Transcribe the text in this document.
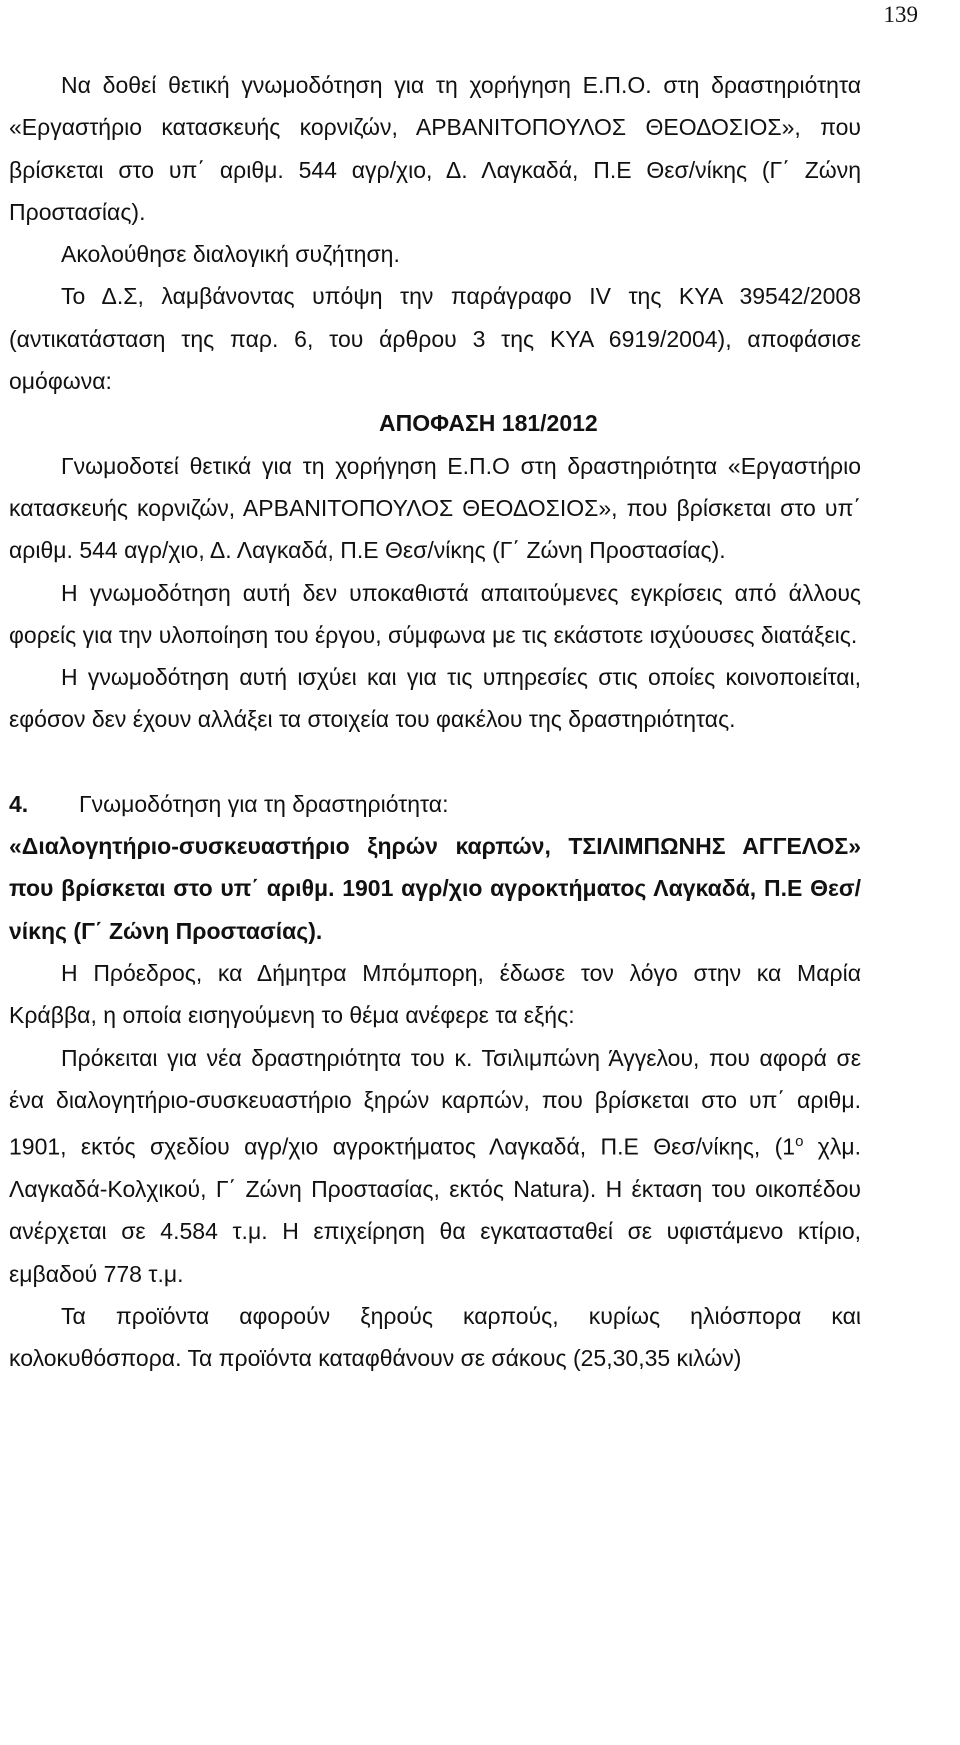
139

Να δοθεί θετική γνωμοδότηση για τη χορήγηση Ε.Π.Ο. στη δραστηριότητα «Εργαστήριο κατασκευής κορνιζών, ΑΡΒΑΝΙΤΟΠΟΥΛΟΣ ΘΕΟΔΟΣΙΟΣ», που βρίσκεται στο υπ΄ αριθμ. 544 αγρ/χιο, Δ. Λαγκαδά, Π.Ε Θεσ/νίκης (Γ΄ Ζώνη Προστασίας).

Ακολούθησε διαλογική συζήτηση.

Το Δ.Σ, λαμβάνοντας υπόψη την παράγραφο IV της ΚΥΑ 39542/2008 (αντικατάσταση της παρ. 6, του άρθρου 3 της ΚΥΑ 6919/2004), αποφάσισε ομόφωνα:

ΑΠΟΦΑΣΗ 181/2012

Γνωμοδοτεί θετικά για τη χορήγηση Ε.Π.Ο στη δραστηριότητα «Εργαστήριο κατασκευής κορνιζών, ΑΡΒΑΝΙΤΟΠΟΥΛΟΣ ΘΕΟΔΟΣΙΟΣ», που βρίσκεται στο υπ΄ αριθμ. 544 αγρ/χιο, Δ. Λαγκαδά, Π.Ε Θεσ/νίκης (Γ΄ Ζώνη Προστασίας).

Η γνωμοδότηση αυτή δεν υποκαθιστά απαιτούμενες εγκρίσεις από άλλους φορείς για την υλοποίηση του έργου, σύμφωνα με τις εκάστοτε ισχύουσες διατάξεις.

Η γνωμοδότηση αυτή ισχύει και για τις υπηρεσίες στις οποίες κοινοποιείται, εφόσον δεν έχουν αλλάξει τα στοιχεία του φακέλου της δραστηριότητας.

4. Γνωμοδότηση για τη δραστηριότητα:

«Διαλογητήριο-συσκευαστήριο ξηρών καρπών, ΤΣΙΛΙΜΠΩΝΗΣ ΑΓΓΕΛΟΣ» που βρίσκεται στο υπ΄ αριθμ. 1901 αγρ/χιο αγροκτήματος Λαγκαδά, Π.Ε Θεσ/νίκης (Γ΄ Ζώνη Προστασίας).

Η Πρόεδρος, κα Δήμητρα Μπόμπορη, έδωσε τον λόγο στην κα Μαρία Κράββα, η οποία εισηγούμενη το θέμα ανέφερε τα εξής:

Πρόκειται για νέα δραστηριότητα του κ. Τσιλιμπώνη Άγγελου, που αφορά σε ένα διαλογητήριο-συσκευαστήριο ξηρών καρπών, που βρίσκεται στο υπ΄ αριθμ. 1901, εκτός σχεδίου αγρ/χιο αγροκτήματος Λαγκαδά, Π.Ε Θεσ/νίκης, ($1^o$ χλμ. Λαγκαδά-Κολχικού, Γ΄ Ζώνη Προστασίας, εκτός Natura). Η έκταση του οικοπέδου ανέρχεται σε 4.584 τ.μ. Η επιχείρηση θα εγκατασταθεί σε υφιστάμενο κτίριο, εμβαδού 778 τ.μ.

Τα προϊόντα αφορούν ξηρούς καρπούς, κυρίως ηλιόσπορα και κολοκυθόσπορα. Τα προϊόντα καταφθάνουν σε σάκους (25,30,35 κιλών)
